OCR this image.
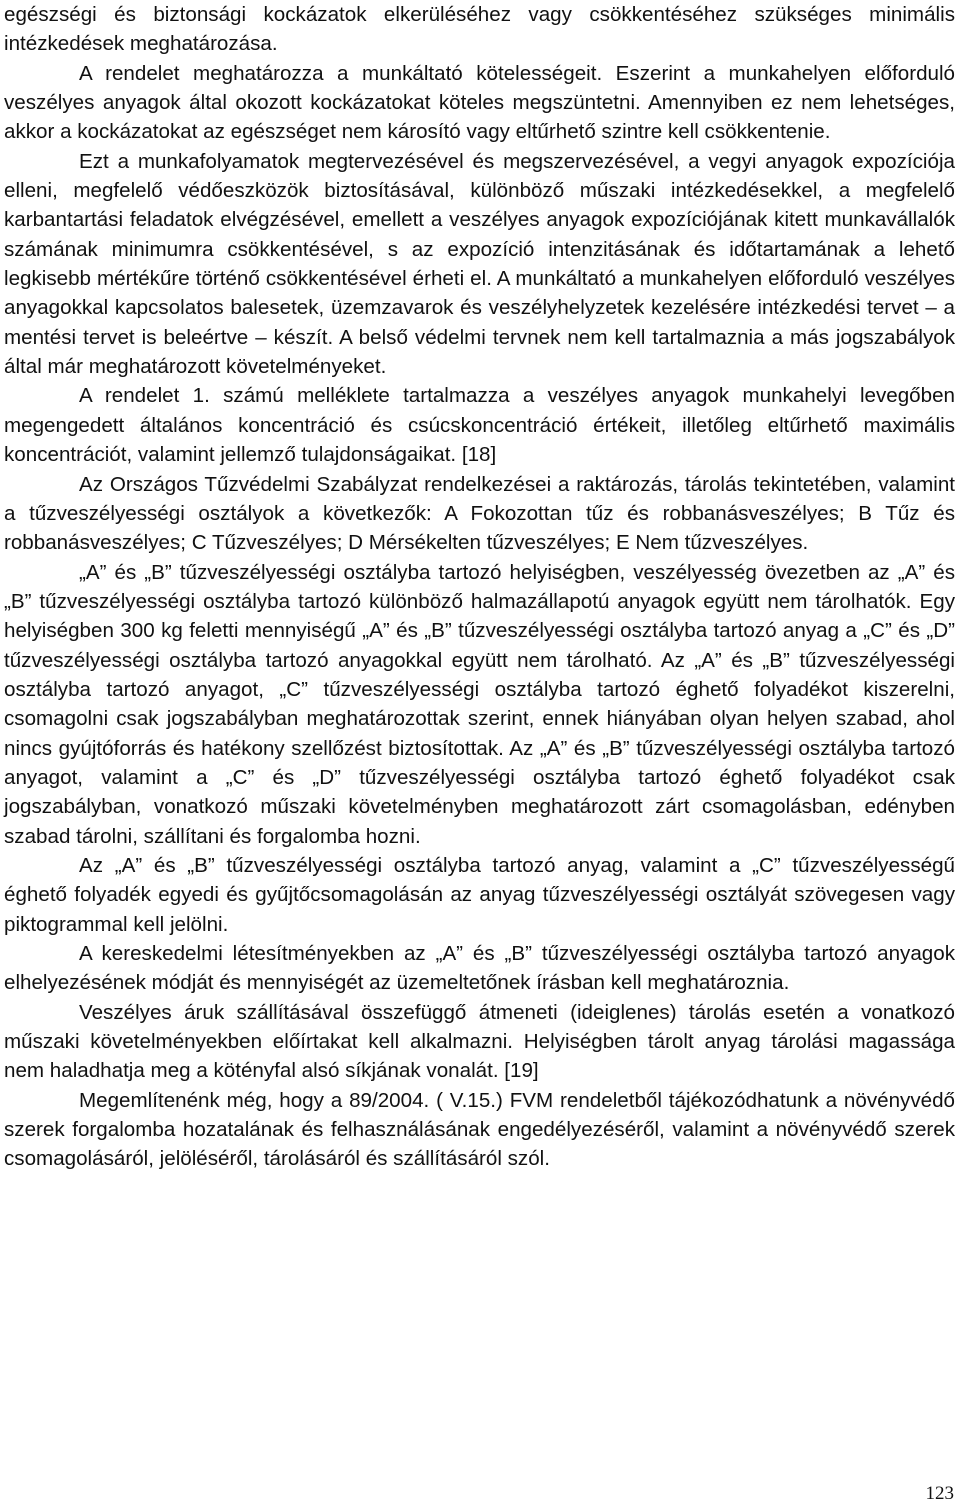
egészségi és biztonsági kockázatok elkerüléséhez vagy csökkentéséhez szükséges minimális intézkedések meghatározása.

A rendelet meghatározza a munkáltató kötelességeit. Eszerint a munkahelyen előforduló veszélyes anyagok által okozott kockázatokat köteles megszüntetni. Amennyiben ez nem lehetséges, akkor a kockázatokat az egészséget nem károsító vagy eltűrhető szintre kell csökkentenie.

Ezt a munkafolyamatok megtervezésével és megszervezésével, a vegyi anyagok expozíciója elleni, megfelelő védőeszközök biztosításával, különböző műszaki intézkedésekkel, a megfelelő karbantartási feladatok elvégzésével, emellett a veszélyes anyagok expozíciójának kitett munkavállalók számának minimumra csökkentésével, s az expozíció intenzitásának és időtartamának a lehető legkisebb mértékűre történő csökkentésével érheti el. A munkáltató a munkahelyen előforduló veszélyes anyagokkal kapcsolatos balesetek, üzemzavarok és veszélyhelyzetek kezelésére intézkedési tervet – a mentési tervet is beleértve – készít. A belső védelmi tervnek nem kell tartalmaznia a más jogszabályok által már meghatározott követelményeket.

A rendelet 1. számú melléklete tartalmazza a veszélyes anyagok munkahelyi levegőben megengedett általános koncentráció és csúcskoncentráció értékeit, illetőleg eltűrhető maximális koncentrációt, valamint jellemző tulajdonságaikat. [18]

Az Országos Tűzvédelmi Szabályzat rendelkezései a raktározás, tárolás tekintetében, valamint a tűzveszélyességi osztályok a következők: A Fokozottan tűz és robbanásveszélyes; B Tűz és robbanásveszélyes; C Tűzveszélyes; D Mérsékelten tűzveszélyes; E Nem tűzveszélyes.

„A” és „B” tűzveszélyességi osztályba tartozó helyiségben, veszélyesség övezetben az „A” és „B” tűzveszélyességi osztályba tartozó különböző halmazállapotú anyagok együtt nem tárolhatók. Egy helyiségben 300 kg feletti mennyiségű „A” és „B” tűzveszélyességi osztályba tartozó anyag a „C” és „D” tűzveszélyességi osztályba tartozó anyagokkal együtt nem tárolható. Az „A” és „B” tűzveszélyességi osztályba tartozó anyagot, „C” tűzveszélyességi osztályba tartozó éghető folyadékot kiszerelni, csomagolni csak jogszabályban meghatározottak szerint, ennek hiányában olyan helyen szabad, ahol nincs gyújtóforrás és hatékony szellőzést biztosítottak. Az „A” és „B” tűzveszélyességi osztályba tartozó anyagot, valamint a „C” és „D” tűzveszélyességi osztályba tartozó éghető folyadékot csak jogszabályban, vonatkozó műszaki követelményben meghatározott zárt csomagolásban, edényben szabad tárolni, szállítani és forgalomba hozni.

Az „A” és „B” tűzveszélyességi osztályba tartozó anyag, valamint a „C” tűzveszélyességű éghető folyadék egyedi és gyűjtőcsomagolásán az anyag tűzveszélyességi osztályát szövegesen vagy piktogrammal kell jelölni.

A kereskedelmi létesítményekben az „A” és „B” tűzveszélyességi osztályba tartozó anyagok elhelyezésének módját és mennyiségét az üzemeltetőnek írásban kell meghatároznia.

Veszélyes áruk szállításával összefüggő átmeneti (ideiglenes) tárolás esetén a vonatkozó műszaki követelményekben előírtakat kell alkalmazni. Helyiségben tárolt anyag tárolási magassága nem haladhatja meg a kötényfal alsó síkjának vonalát. [19]

Megemlítenénk még, hogy a 89/2004. ( V.15.) FVM rendeletből tájékozódhatunk a növényvédő szerek forgalomba hozatalának és felhasználásának engedélyezéséről, valamint a növényvédő szerek csomagolásáról, jelöléséről, tárolásáról és szállításáról szól.

123
